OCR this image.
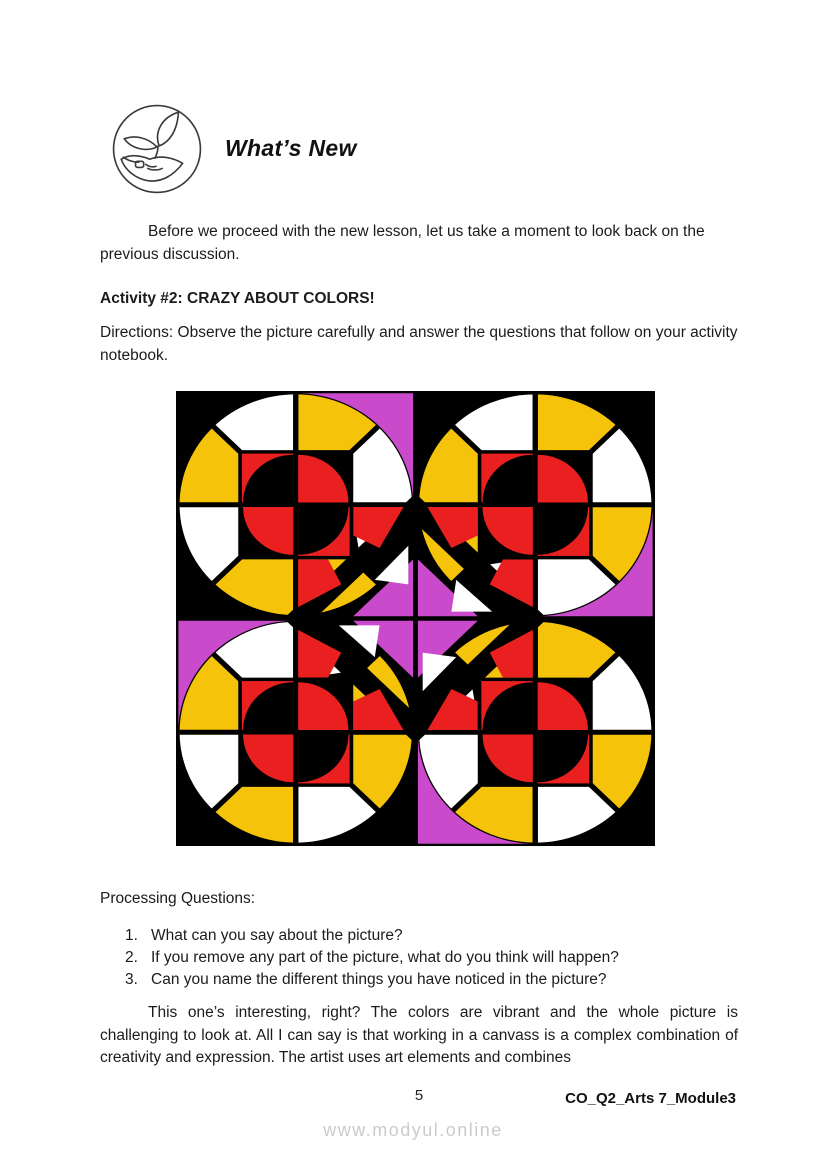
What’s New

Before we proceed with the new lesson, let us take a moment to look back on the previous discussion.

Activity #2: CRAZY ABOUT COLORS!

Directions: Observe the picture carefully and answer the questions that follow on your activity notebook.

Processing Questions:

1. What can you say about the picture?
2. If you remove any part of the picture, what do you think will happen?
3. Can you name the different things you have noticed in the picture?

This one’s interesting, right? The colors are vibrant and the whole picture is challenging to look at. All I can say is that working in a canvass is a complex combination of creativity and expression. The artist uses art elements and combines

5	CO_Q2_Arts 7_Module3
www.modyul.online
